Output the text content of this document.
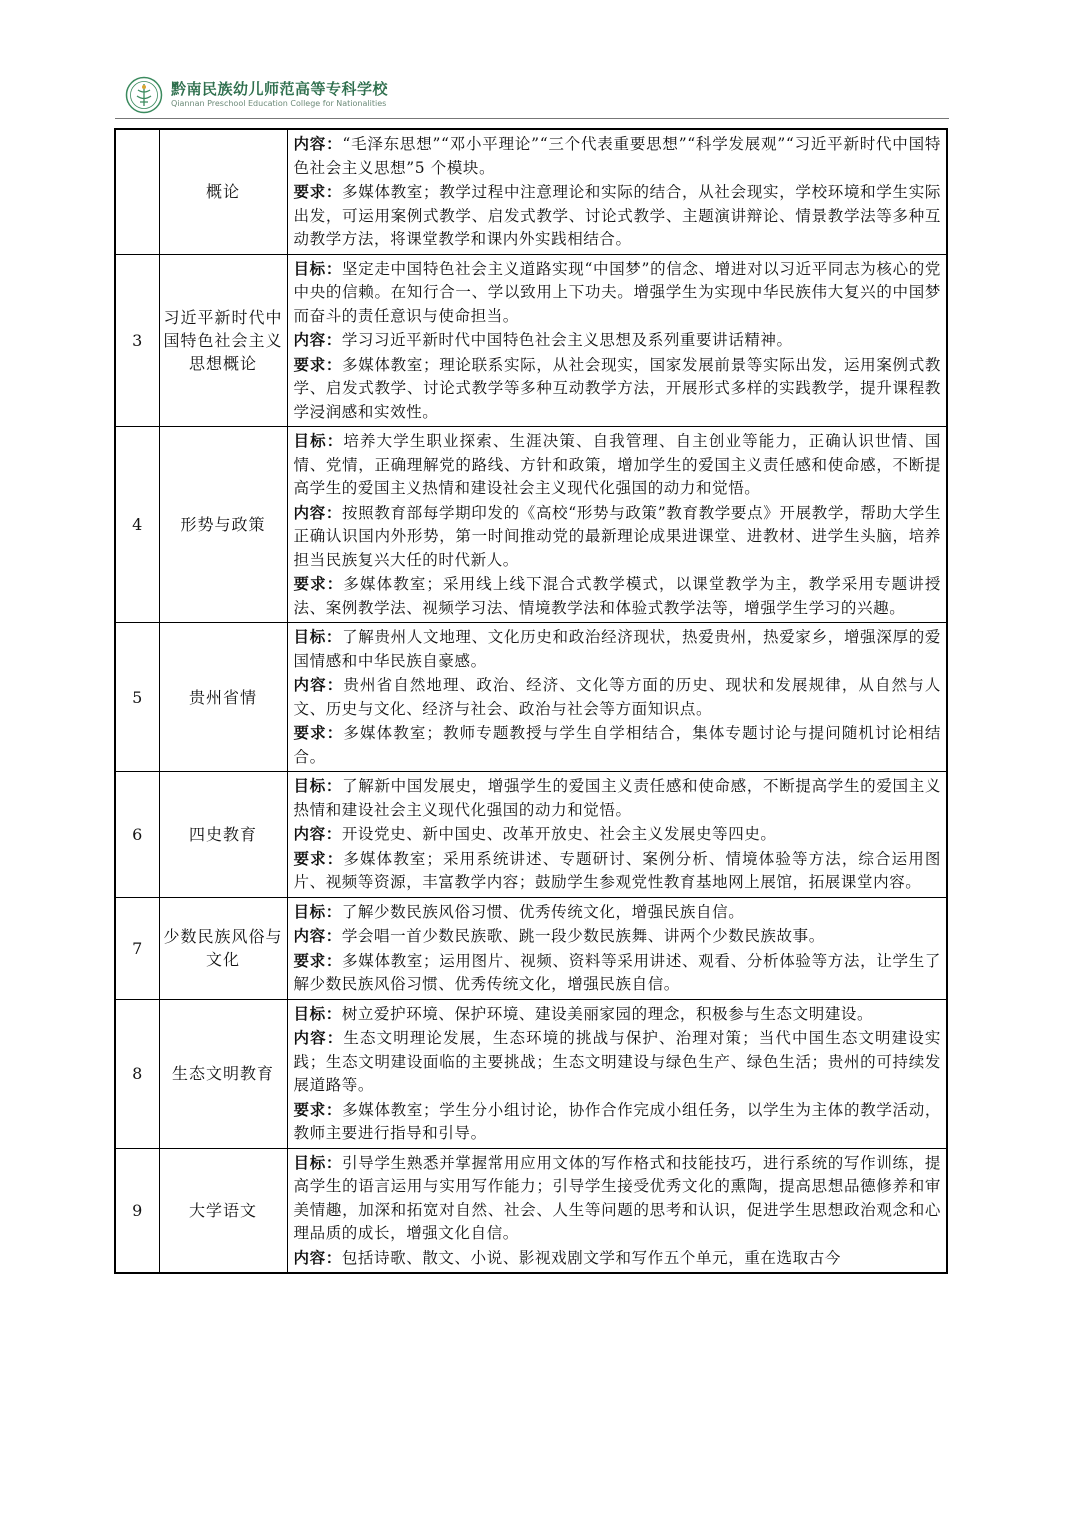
黔南民族幼儿师范高等专科学校
Qiannan Preschool Education College for Nationalities
	概论	内容：“毛泽东思想”“邓小平理论”“三个代表重要思想”“科学发展观”“习近平新时代中国特色社会主义思想”5 个模块。

要求：多媒体教室；教学过程中注意理论和实际的结合，从社会现实，学校环境和学生实际出发，可运用案例式教学、启发式教学、讨论式教学、主题演讲辩论、情景教学法等多种互动教学方法，将课堂教学和课内外实践相结合。

3	习近平新时代中国特色社会主义思想概论	目标：坚定走中国特色社会主义道路实现“中国梦”的信念、增进对以习近平同志为核心的党中央的信赖。在知行合一、学以致用上下功夫。增强学生为实现中华民族伟大复兴的中国梦而奋斗的责任意识与使命担当。

内容：学习习近平新时代中国特色社会主义思想及系列重要讲话精神。

要求：多媒体教室；理论联系实际，从社会现实，国家发展前景等实际出发，运用案例式教学、启发式教学、讨论式教学等多种互动教学方法，开展形式多样的实践教学，提升课程教学浸润感和实效性。

4	形势与政策	目标：培养大学生职业探索、生涯决策、自我管理、自主创业等能力，正确认识世情、国情、党情，正确理解党的路线、方针和政策，增加学生的爱国主义责任感和使命感，不断提高学生的爱国主义热情和建设社会主义现代化强国的动力和觉悟。

内容：按照教育部每学期印发的《高校“形势与政策”教育教学要点》开展教学，帮助大学生正确认识国内外形势，第一时间推动党的最新理论成果进课堂、进教材、进学生头脑，培养担当民族复兴大任的时代新人。

要求：多媒体教室；采用线上线下混合式教学模式，以课堂教学为主，教学采用专题讲授法、案例教学法、视频学习法、情境教学法和体验式教学法等，增强学生学习的兴趣。

5	贵州省情	目标：了解贵州人文地理、文化历史和政治经济现状，热爱贵州，热爱家乡，增强深厚的爱国情感和中华民族自豪感。

内容：贵州省自然地理、政治、经济、文化等方面的历史、现状和发展规律，从自然与人文、历史与文化、经济与社会、政治与社会等方面知识点。

要求：多媒体教室；教师专题教授与学生自学相结合，集体专题讨论与提问随机讨论相结合。

6	四史教育	目标：了解新中国发展史，增强学生的爱国主义责任感和使命感，不断提高学生的爱国主义热情和建设社会主义现代化强国的动力和觉悟。

内容：开设党史、新中国史、改革开放史、社会主义发展史等四史。

要求：多媒体教室；采用系统讲述、专题研讨、案例分析、情境体验等方法，综合运用图片、视频等资源，丰富教学内容；鼓励学生参观党性教育基地网上展馆，拓展课堂内容。

7	少数民族风俗与文化	目标：了解少数民族风俗习惯、优秀传统文化，增强民族自信。

内容：学会唱一首少数民族歌、跳一段少数民族舞、讲两个少数民族故事。

要求：多媒体教室；运用图片、视频、资料等采用讲述、观看、分析体验等方法，让学生了解少数民族风俗习惯、优秀传统文化，增强民族自信。

8	生态文明教育	目标：树立爱护环境、保护环境、建设美丽家园的理念，积极参与生态文明建设。

内容：生态文明理论发展，生态环境的挑战与保护、治理对策；当代中国生态文明建设实践；生态文明建设面临的主要挑战；生态文明建设与绿色生产、绿色生活；贵州的可持续发展道路等。

要求：多媒体教室；学生分小组讨论，协作合作完成小组任务，以学生为主体的教学活动，教师主要进行指导和引导。

9	大学语文	目标：引导学生熟悉并掌握常用应用文体的写作格式和技能技巧，进行系统的写作训练，提高学生的语言运用与实用写作能力；引导学生接受优秀文化的熏陶，提高思想品德修养和审美情趣，加深和拓宽对自然、社会、人生等问题的思考和认识，促进学生思想政治观念和心理品质的成长，增强文化自信。

内容：包括诗歌、散文、小说、影视戏剧文学和写作五个单元，重在选取古今
